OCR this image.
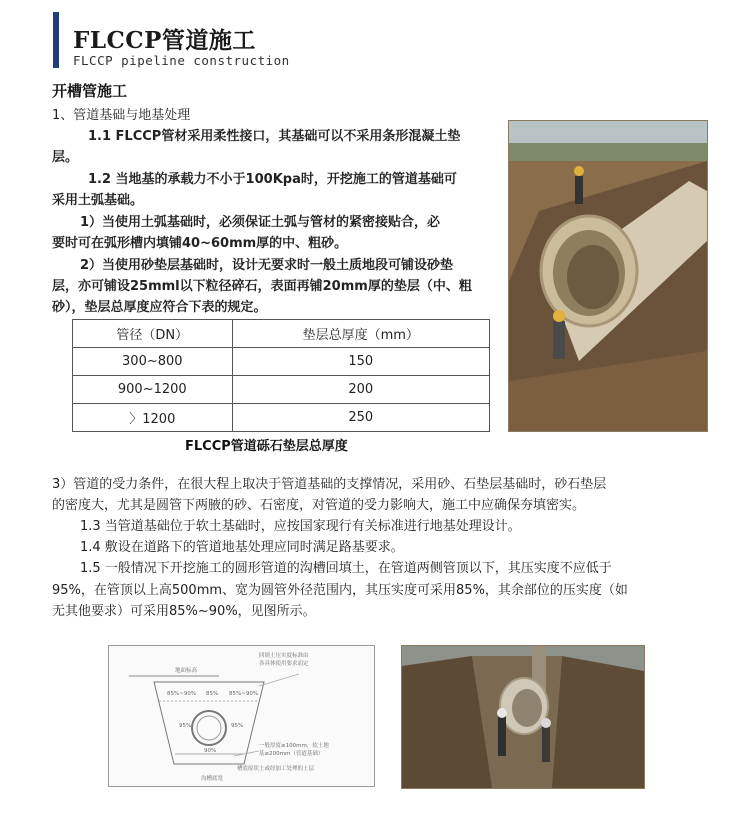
FLCCP管道施工
FLCCP pipeline construction
开槽管施工
1、管道基础与地基处理
1.1 FLCCP管材采用柔性接口，其基础可以不采用条形混凝土垫
层。
1.2 当地基的承载力不小于100Kpa时，开挖施工的管道基础可
采用土弧基础。
1）当使用土弧基础时，必须保证土弧与管材的紧密接贴合，必
要时可在弧形槽内填铺40~60mm厚的中、粗砂。
2）当使用砂垫层基础时，设计无要求时一般土质地段可铺设砂垫
层，亦可铺设25mml以下粒径碎石，表面再铺20mm厚的垫层（中、粗
砂），垫层总厚度应符合下表的规定。
管径（DN）	垫层总厚度（mm）
300~800	150
900~1200	200
〉1200	250
FLCCP管道砾石垫层总厚度
3）管道的受力条件，在很大程上取决于管道基础的支撑情况，采用砂、石垫层基础时，砂石垫层
的密度大，尤其是圆管下两腋的砂、石密度，对管道的受力影响大，施工中应确保夯填密实。
1.3 当管道基础位于软土基础时，应按国家现行有关标准进行地基处理设计。
1.4 敷设在道路下的管道地基处理应同时满足路基要求。
1.5 一般情况下开挖施工的圆形管道的沟槽回填土，在管道两侧管顶以下，其压实度不应低于
95%，在管顶以上高500mm、宽为圆管外径范围内，其压实度可采用85%，其余部位的压实度（如
无其他要求）可采用85%~90%，见图所示。
地面标高
回填土压实度标准由
各具体使用要求而定
85%~90% 85% 85%~90%
95%	95%
90%
一般厚度≥100mm，软土地
基≥200mm（管道基础）
槽底原状土或经加工处理的土层
沟槽底宽
